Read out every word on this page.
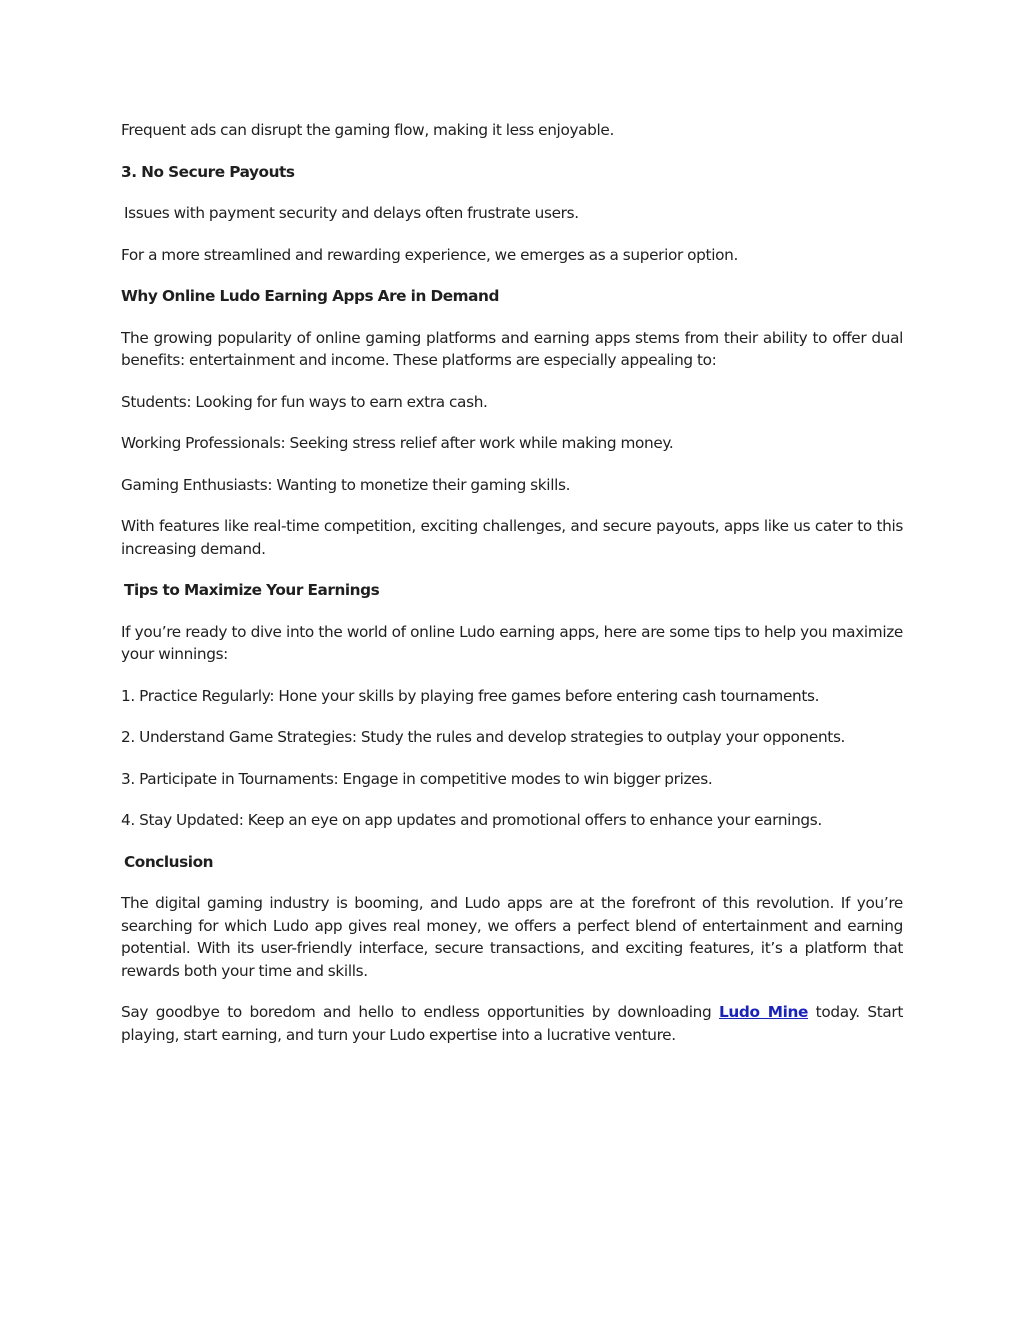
Frequent ads can disrupt the gaming flow, making it less enjoyable.

3. No Secure Payouts

Issues with payment security and delays often frustrate users.

For a more streamlined and rewarding experience, we emerges as a superior option.

Why Online Ludo Earning Apps Are in Demand

The growing popularity of online gaming platforms and earning apps stems from their ability to offer dual benefits: entertainment and income. These platforms are especially appealing to:

Students: Looking for fun ways to earn extra cash.

Working Professionals: Seeking stress relief after work while making money.

Gaming Enthusiasts: Wanting to monetize their gaming skills.

With features like real-time competition, exciting challenges, and secure payouts, apps like us cater to this increasing demand.

Tips to Maximize Your Earnings

If you’re ready to dive into the world of online Ludo earning apps, here are some tips to help you maximize your winnings:

1. Practice Regularly: Hone your skills by playing free games before entering cash tournaments.

2. Understand Game Strategies: Study the rules and develop strategies to outplay your opponents.

3. Participate in Tournaments: Engage in competitive modes to win bigger prizes.

4. Stay Updated: Keep an eye on app updates and promotional offers to enhance your earnings.

Conclusion

The digital gaming industry is booming, and Ludo apps are at the forefront of this revolution. If you’re searching for which Ludo app gives real money, we offers a perfect blend of entertainment and earning potential. With its user-friendly interface, secure transactions, and exciting features, it’s a platform that rewards both your time and skills.

Say goodbye to boredom and hello to endless opportunities by downloading Ludo Mine today. Start playing, start earning, and turn your Ludo expertise into a lucrative venture.
